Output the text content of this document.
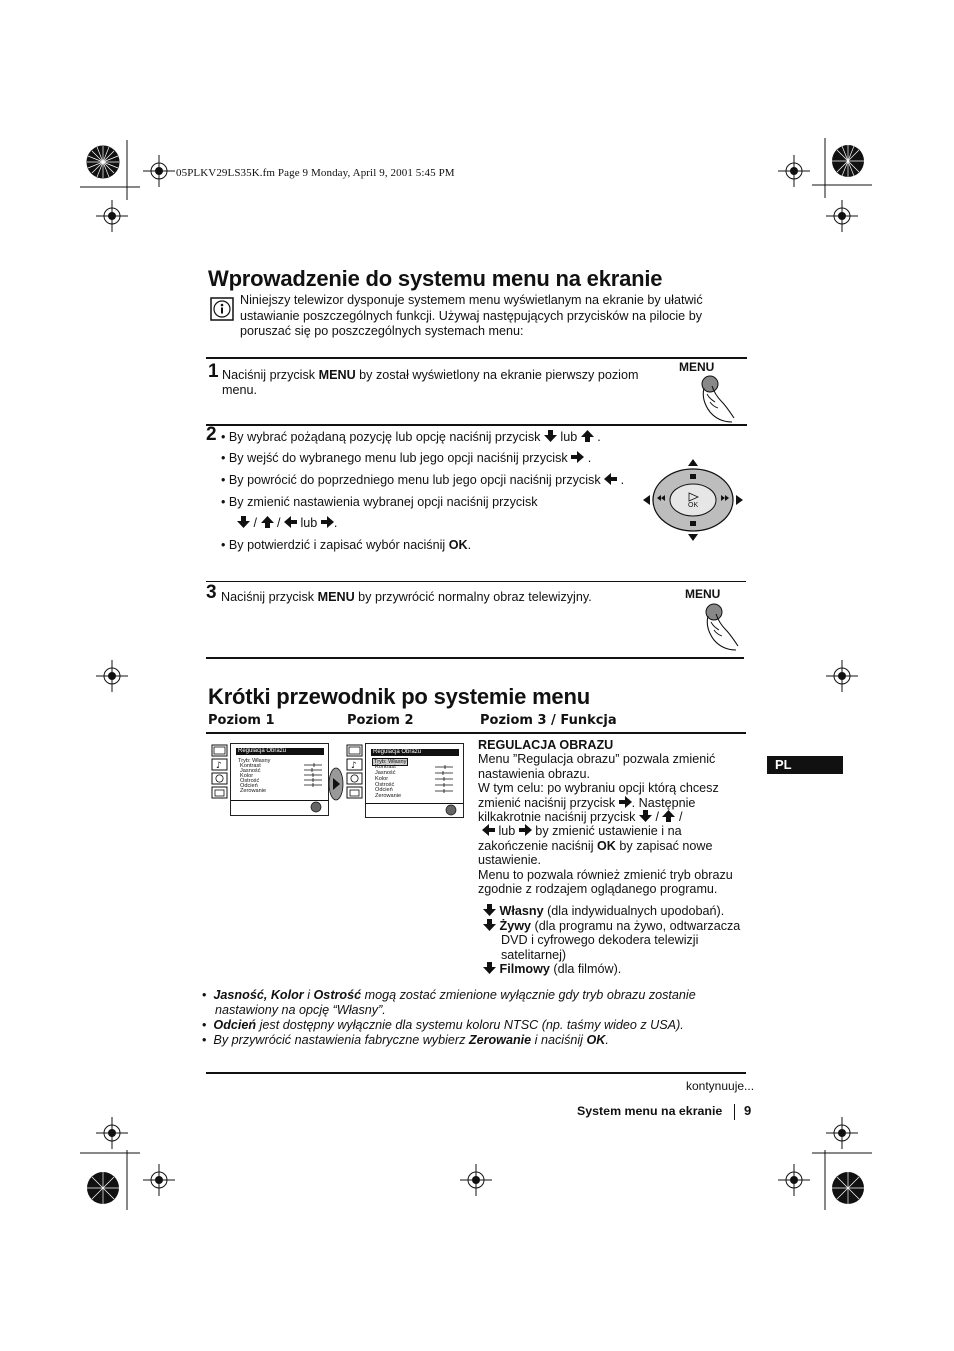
05PLKV29LS35K.fm Page 9 Monday, April 9, 2001 5:45 PM
Wprowadzenie do systemu menu na ekranie
Niniejszy telewizor dysponuje systemem menu wyświetlanym na ekranie by ułatwić
ustawianie poszczególnych funkcji. Używaj następujących przycisków na pilocie by
poruszać się po poszczególnych systemach menu:
1 Naciśnij przycisk MENU by został wyświetlony na ekranie pierwszy poziom
menu.
MENU
2 • By wybrać pożądaną pozycję lub opcję naciśnij przycisk
lub
.
• By wejść do wybranego menu lub jego opcji naciśnij przycisk
.
• By powrócić do poprzedniego menu lub jego opcji naciśnij przycisk
.
• By zmienić nastawienia wybranej opcji naciśnij przycisk
/
/
lub
.
• By potwierdzić i zapisać wybór naciśnij OK.
OK
3 Naciśnij przycisk MENU by przywrócić normalny obraz telewizyjny.	MENU
Krótki przewodnik po systemie menu
Poziom 1	Poziom 2	Poziom 3 / Funkcja
♪
Regulacja Obrazu
Tryb: Własny
Kontrast
Jasność
Kolor
Ostrość
Odcień
Zerowanie
♪
Regulacja Obrazu
Tryb: Własny
Kontrast
Jasność
Kolor
Ostrość
Odcień
Zerowanie
REGULACJA OBRAZU
Menu ”Regulacja obrazu” pozwala zmienić
nastawienia obrazu.
W tym celu: po wybraniu opcji którą chcesz
zmienić naciśnij przycisk
. Następnie
kilkakrotnie naciśnij przycisk
/
/
lub
by zmienić ustawienie i na
zakończenie naciśnij OK by zapisać nowe
ustawienie.
Menu to pozwala również zmienić tryb obrazu
zgodnie z rodzajem oglądanego programu.
Własny (dla indywidualnych upodobań).
Żywy (dla programu na żywo, odtwarzacza
DVD i cyfrowego dekodera telewizji
satelitarnej)
Filmowy (dla filmów).
PL
•  Jasność, Kolor i Ostrość mogą zostać zmienione wyłącznie gdy tryb obrazu zostanie
nastawiony na opcję “Własny”.
•  Odcień jest dostępny wyłącznie dla systemu koloru NTSC (np. taśmy wideo z USA).
•  By przywrócić nastawienia fabryczne wybierz Zerowanie i naciśnij OK.
kontynuuje...
System menu na ekranie 9
